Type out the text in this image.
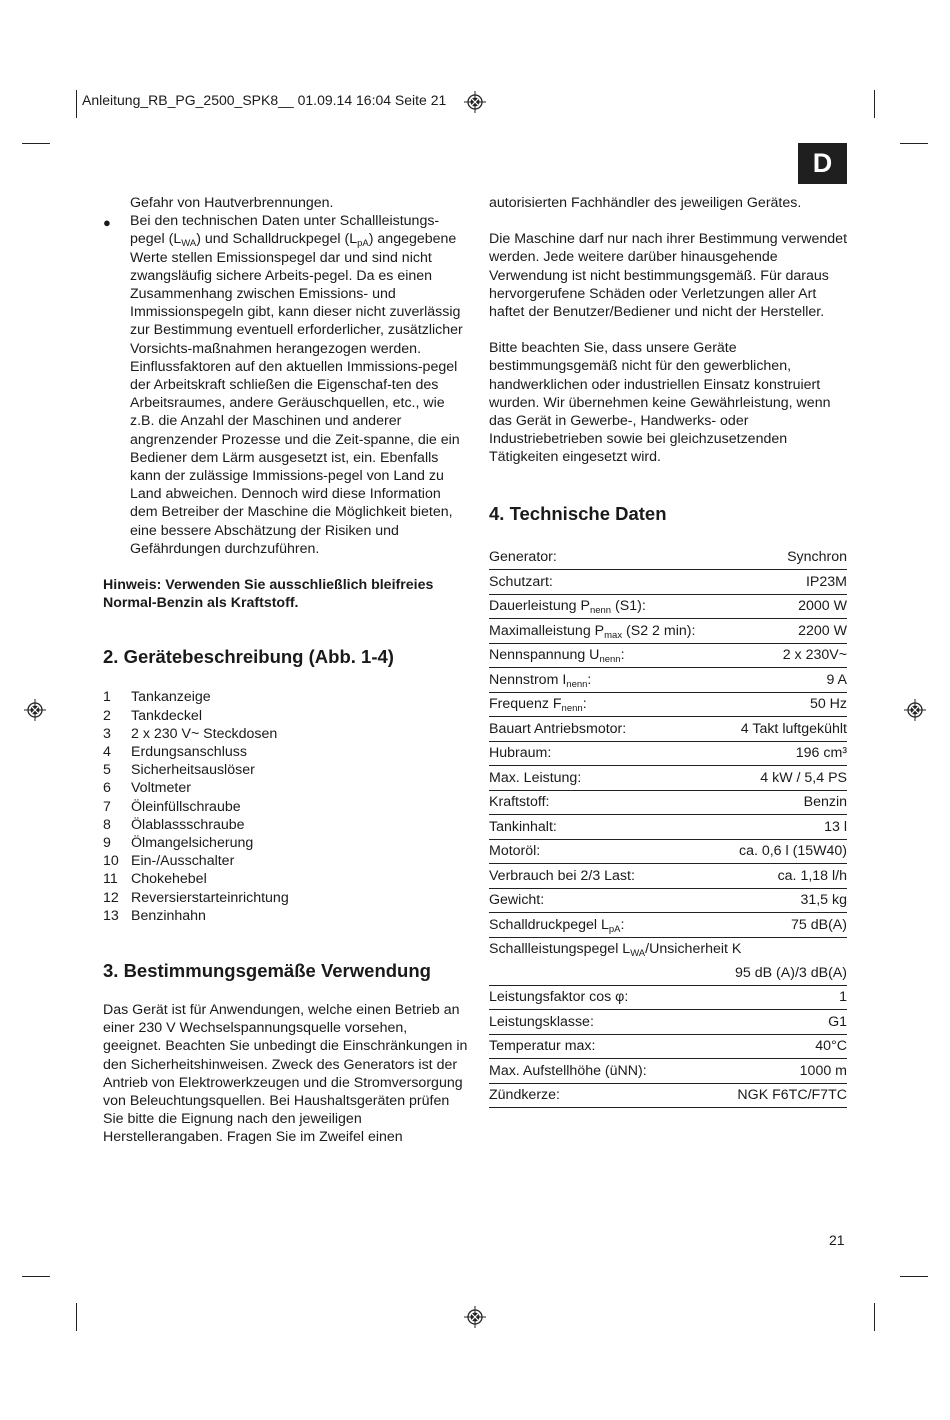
Anleitung_RB_PG_2500_SPK8__ 01.09.14 16:04 Seite 21
D

Gefahr von Hautverbrennungen.

● Bei den technischen Daten unter Schallleistungs-pegel $(L_{WA})$ und Schalldruckpegel $(L_{pA})$ angegebene Werte stellen Emissionspegel dar und sind nicht zwangsläufig sichere Arbeits-pegel. Da es einen Zusammenhang zwischen Emissions- und Immissionspegeln gibt, kann dieser nicht zuverlässig zur Bestimmung eventuell erforderlicher, zusätzlicher Vorsichts-maßnahmen herangezogen werden. Einflussfaktoren auf den aktuellen Immissions-pegel der Arbeitskraft schließen die Eigenschaf-ten des Arbeitsraumes, andere Geräuschquellen, etc., wie z.B. die Anzahl der Maschinen und anderer angrenzender Prozesse und die Zeit-spanne, die ein Bediener dem Lärm ausgesetzt ist, ein. Ebenfalls kann der zulässige Immissions-pegel von Land zu Land abweichen. Dennoch wird diese Information dem Betreiber der Maschine die Möglichkeit bieten, eine bessere Abschätzung der Risiken und Gefährdungen durchzuführen.

Hinweis: Verwenden Sie ausschließlich bleifreies Normal-Benzin als Kraftstoff.

2. Gerätebeschreibung (Abb. 1-4)
1	Tankanzeige
2	Tankdeckel
3	2 x 230 V~ Steckdosen
4	Erdungsanschluss
5	Sicherheitsauslöser
6	Voltmeter
7	Öleinfüllschraube
8	Ölablassschraube
9	Ölmangelsicherung
10 Ein-/Ausschalter
11 Chokehebel
12 Reversierstarteinrichtung
13 Benzinhahn
3. Bestimmungsgemäße Verwendung

Das Gerät ist für Anwendungen, welche einen Betrieb an einer 230 V Wechselspannungsquelle vorsehen, geeignet. Beachten Sie unbedingt die Einschränkungen in den Sicherheitshinweisen. Zweck des Generators ist der Antrieb von Elektrowerkzeugen und die Stromversorgung von Beleuchtungsquellen. Bei Haushaltsgeräten prüfen Sie bitte die Eignung nach den jeweiligen Herstellerangaben. Fragen Sie im Zweifel einen

autorisierten Fachhändler des jeweiligen Gerätes.

Die Maschine darf nur nach ihrer Bestimmung verwendet werden. Jede weitere darüber hinausgehende Verwendung ist nicht bestimmungsgemäß. Für daraus hervorgerufene Schäden oder Verletzungen aller Art haftet der Benutzer/Bediener und nicht der Hersteller.

Bitte beachten Sie, dass unsere Geräte bestimmungsgemäß nicht für den gewerblichen, handwerklichen oder industriellen Einsatz konstruiert wurden. Wir übernehmen keine Gewährleistung, wenn das Gerät in Gewerbe-, Handwerks- oder Industriebetrieben sowie bei gleichzusetzenden Tätigkeiten eingesetzt wird.

4. Technische Daten
Generator:	Synchron
Schutzart:	IP23M
Dauerleistung $P_{nenn}$ (S1):	2000 W
Maximalleistung $P_{max}$ (S2 2 min):	2200 W
Nennspannung $U_{nenn}$:	2 x 230V~
Nennstrom $I_{nenn}$:	9 A
Frequenz $F_{nenn}$:	50 Hz
Bauart Antriebsmotor:	4 Takt luftgekühlt
Hubraum:	196 cm³
Max. Leistung:	4 kW / 5,4 PS
Kraftstoff:	Benzin
Tankinhalt:	13 l
Motoröl:	ca. 0,6 l (15W40)
Verbrauch bei 2/3 Last:	ca. 1,18 l/h
Gewicht:	31,5 kg
Schalldruckpegel $L_{pA}$:	75 dB(A)
Schallleistungspegel $L_{WA}$/Unsicherheit K	
	95 dB (A)/3 dB(A)
Leistungsfaktor cos φ:	1
Leistungsklasse:	G1
Temperatur max:	40°C
Max. Aufstellhöhe (üNN):	1000 m
Zündkerze:	NGK F6TC/F7TC
21
